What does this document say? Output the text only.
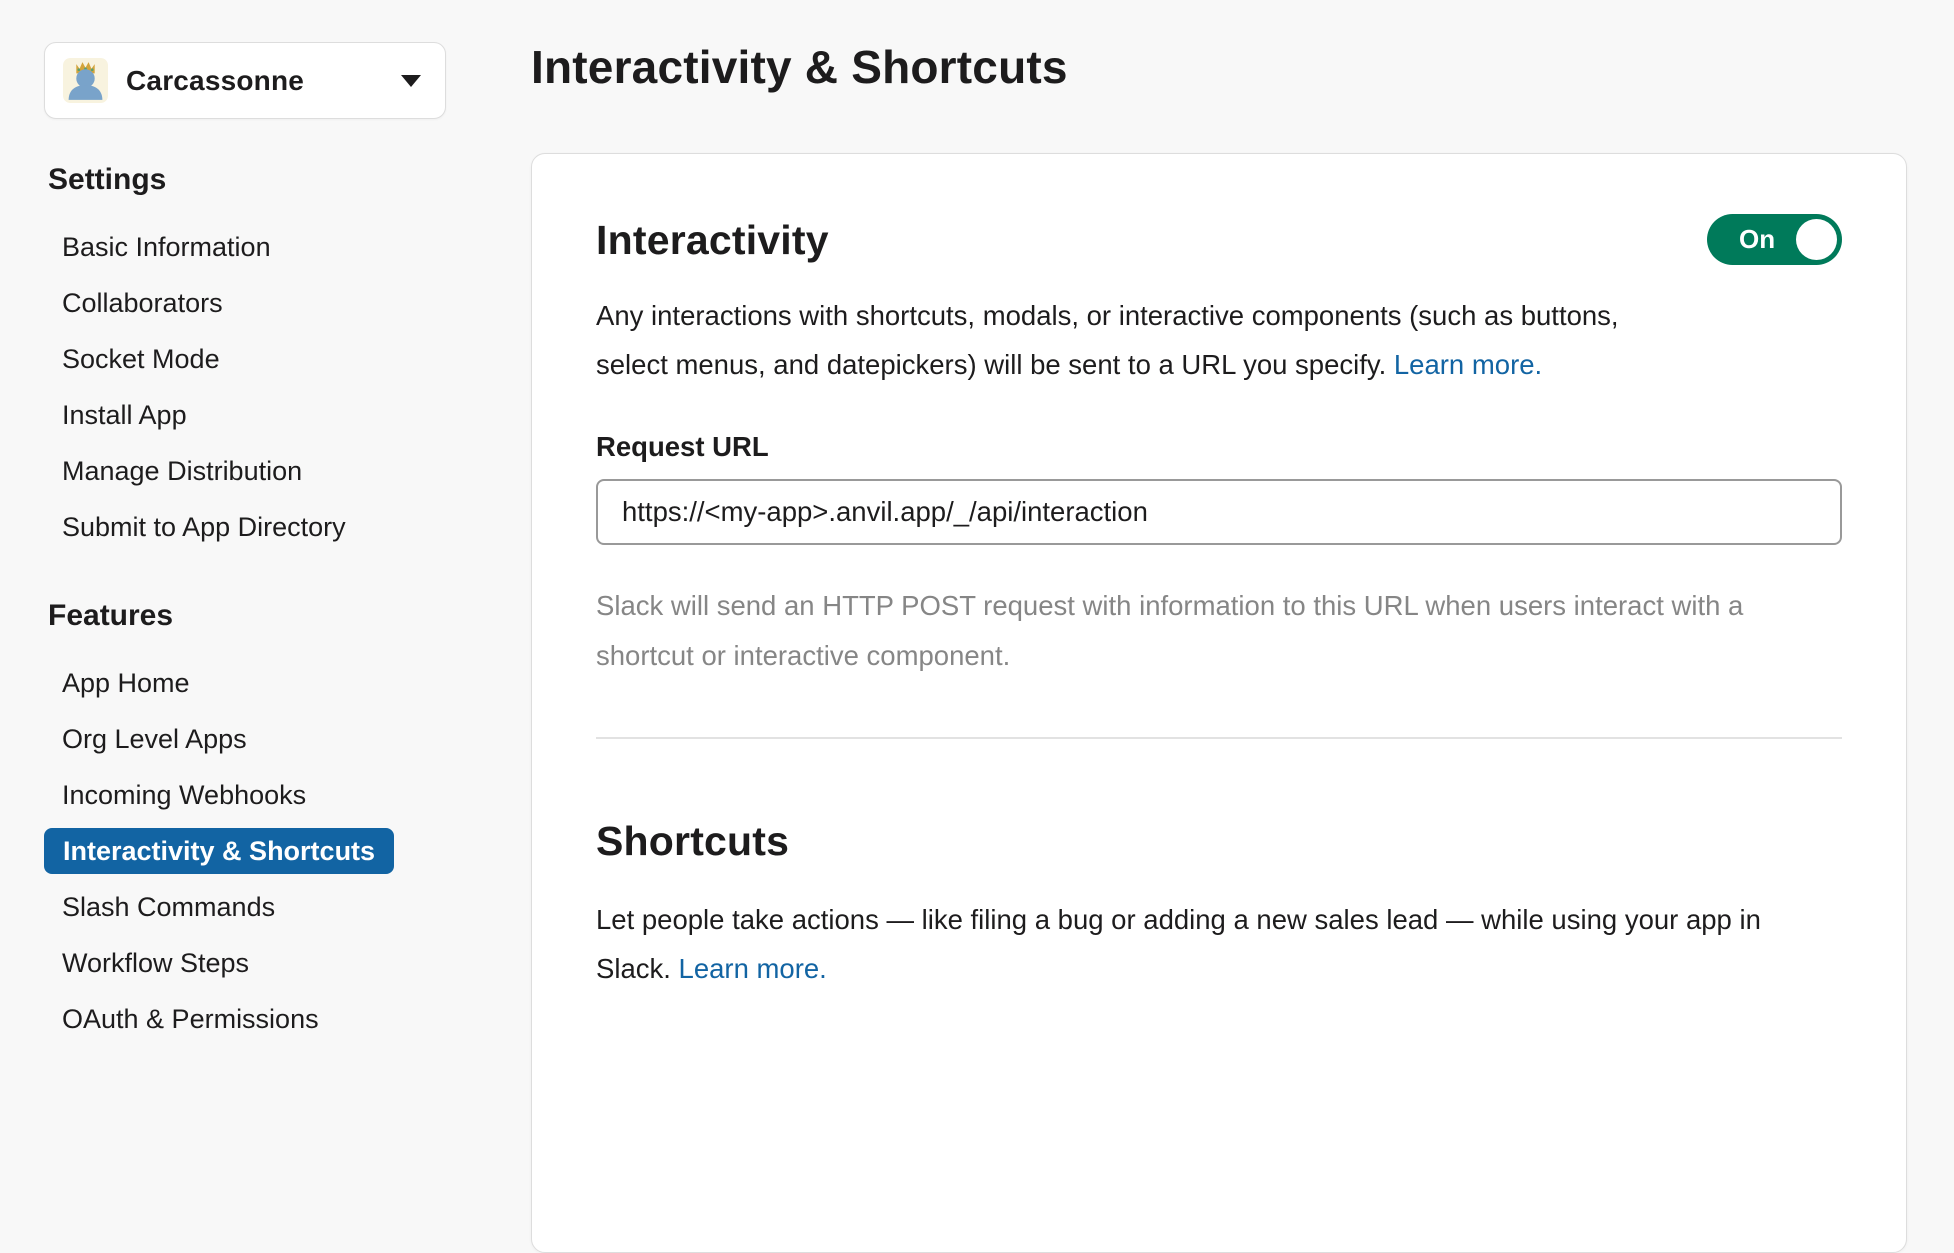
Carcassonne
Settings
Basic Information
Collaborators
Socket Mode
Install App
Manage Distribution
Submit to App Directory
Features
App Home
Org Level Apps
Incoming Webhooks
Interactivity & Shortcuts
Slash Commands
Workflow Steps
OAuth & Permissions
Interactivity & Shortcuts
Interactivity	On

Any interactions with shortcuts, modals, or interactive components (such as buttons, select menus, and datepickers) will be sent to a URL you specify. Learn more.

Request URL
https://<my-app>.anvil.app/_/api/interaction

Slack will send an HTTP POST request with information to this URL when users interact with a shortcut or interactive component.

Shortcuts

Let people take actions — like filing a bug or adding a new sales lead — while using your app in Slack. Learn more.
